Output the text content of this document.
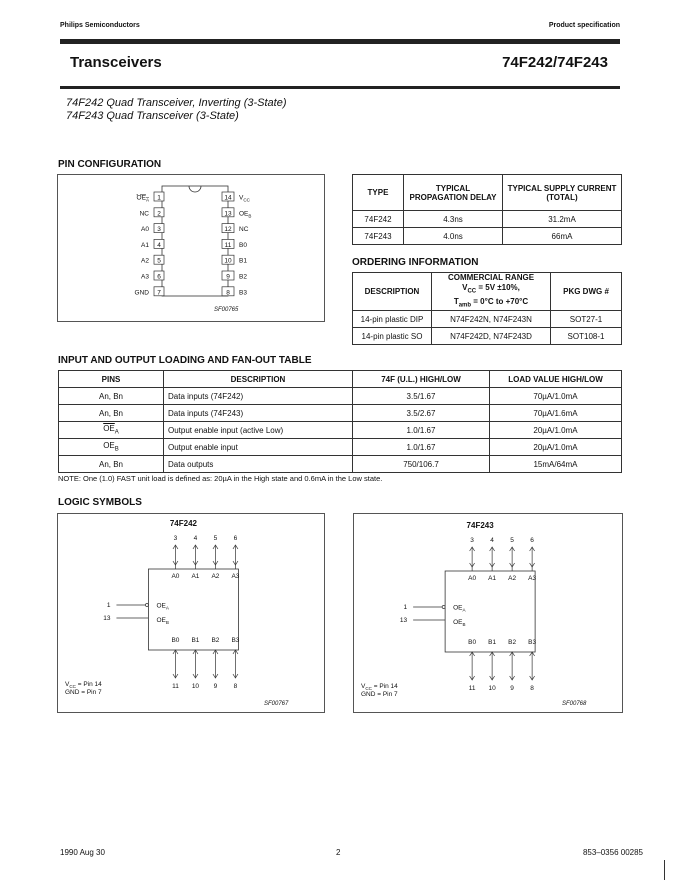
Philips Semiconductors	Product specification
Transceivers	74F242/74F243
74F242 Quad Transceiver, Inverting (3-State)
74F243 Quad Transceiver (3-State)
PIN CONFIGURATION
1
$OE_A$
2
NC
3
A0
4
A1
5
A2
6
A3
7
GND
14 $V_{CC}$
13 $OE_B$
12 NC
11 B0
10 B1
9 B2
8 B3
SF00765
TYPE	TYPICAL PROPAGATION DELAY	TYPICAL SUPPLY CURRENT (TOTAL)
74F242	4.3ns	31.2mA
74F243	4.0ns	66mA
ORDERING INFORMATION
DESCRIPTION	COMMERCIAL RANGE
$V_{CC} = 5V \pm 10\%$,
$T_{amb} = 0^\circ C$ to +70°C	PKG DWG #
14-pin plastic DIP	N74F242N, N74F243N	SOT27-1
14-pin plastic SO	N74F242D, N74F243D	SOT108-1
INPUT AND OUTPUT LOADING AND FAN-OUT TABLE
PINS	DESCRIPTION	74F (U.L.) HIGH/LOW	LOAD VALUE HIGH/LOW
An, Bn	Data inputs (74F242)	3.5/1.67	70µA/1.0mA
An, Bn	Data inputs (74F243)	3.5/2.67	70µA/1.6mA
$\overline{OE}_A$	Output enable input (active Low)	1.0/1.67	20µA/1.0mA
$OE_B$	Output enable input	1.0/1.67	20µA/1.0mA
An, Bn	Data outputs	750/106.7	15mA/64mA
NOTE: One (1.0) FAST unit load is defined as: 20µA in the High state and 0.6mA in the Low state.
LOGIC SYMBOLS
74F242
3
A0
B0
11
4
A1
B1
10
5
A2
B2
9
6
A3
B3
8
1
13
$OE_A$
$OE_B$
$V_{CC}$ = Pin 14
GND = Pin 7
SF00767
74F243
3
A0
B0
11
4
A1
B1
10
5
A2
B2
9
6
A3
B3
8
1
13
$OE_A$
$OE_B$
$V_{CC}$ = Pin 14
GND = Pin 7
SF00768
1990 Aug 30	2	853–0356 00285
